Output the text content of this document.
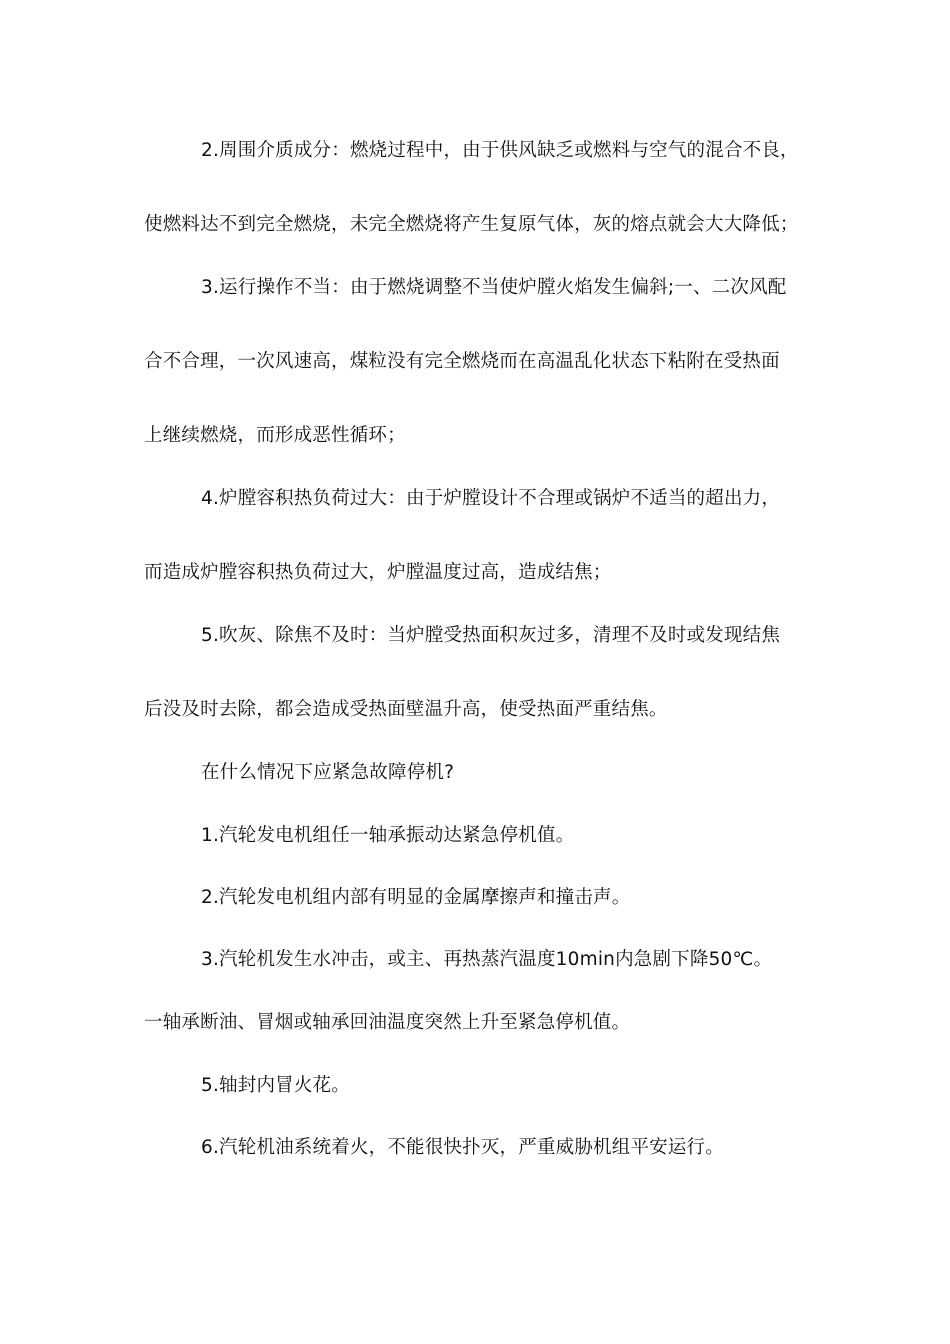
2.周围介质成分：燃烧过程中，由于供风缺乏或燃料与空气的混合不良，
使燃料达不到完全燃烧，未完全燃烧将产生复原气体，灰的熔点就会大大降低；
3.运行操作不当：由于燃烧调整不当使炉膛火焰发生偏斜;一、二次风配
合不合理，一次风速高，煤粒没有完全燃烧而在高温乱化状态下粘附在受热面
上继续燃烧，而形成恶性循环；
4.炉膛容积热负荷过大：由于炉膛设计不合理或锅炉不适当的超出力，
而造成炉膛容积热负荷过大，炉膛温度过高，造成结焦；
5.吹灰、除焦不及时：当炉膛受热面积灰过多，清理不及时或发现结焦
后没及时去除，都会造成受热面壁温升高，使受热面严重结焦。
在什么情况下应紧急故障停机?
1.汽轮发电机组任一轴承振动达紧急停机值。
2.汽轮发电机组内部有明显的金属摩擦声和撞击声。
3.汽轮机发生水冲击，或主、再热蒸汽温度10min内急剧下降50℃。
一轴承断油、冒烟或轴承回油温度突然上升至紧急停机值。
5.轴封内冒火花。
6.汽轮机油系统着火，不能很快扑灭，严重威胁机组平安运行。
